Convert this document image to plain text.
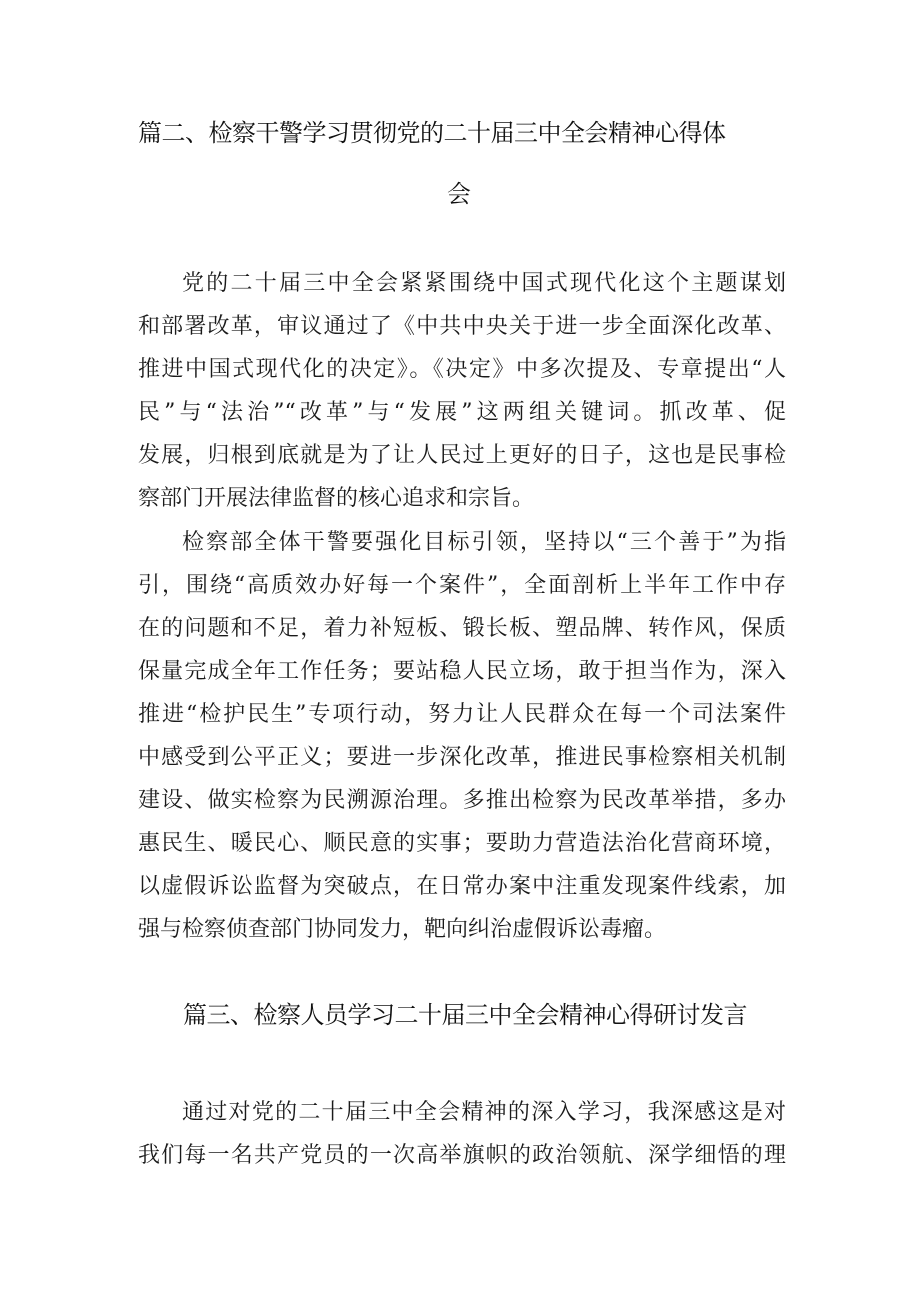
篇二、检察干警学习贯彻党的二十届三中全会精神心得体
会
党的二十届三中全会紧紧围绕中国式现代化这个主题谋划
和部署改革，审议通过了《中共中央关于进一步全面深化改革、
推进中国式现代化的决定》。《决定》中多次提及、专章提出“人
民”与“法治”“改革”与“发展”这两组关键词。抓改革、促
发展，归根到底就是为了让人民过上更好的日子，这也是民事检
察部门开展法律监督的核心追求和宗旨。
检察部全体干警要强化目标引领，坚持以“三个善于”为指
引，围绕“高质效办好每一个案件”，全面剖析上半年工作中存
在的问题和不足，着力补短板、锻长板、塑品牌、转作风，保质
保量完成全年工作任务；要站稳人民立场，敢于担当作为，深入
推进“检护民生”专项行动，努力让人民群众在每一个司法案件
中感受到公平正义；要进一步深化改革，推进民事检察相关机制
建设、做实检察为民溯源治理。多推出检察为民改革举措，多办
惠民生、暖民心、顺民意的实事；要助力营造法治化营商环境，
以虚假诉讼监督为突破点，在日常办案中注重发现案件线索，加
强与检察侦查部门协同发力，靶向纠治虚假诉讼毒瘤。
篇三、检察人员学习二十届三中全会精神心得研讨发言
通过对党的二十届三中全会精神的深入学习，我深感这是对
我们每一名共产党员的一次高举旗帜的政治领航、深学细悟的理
